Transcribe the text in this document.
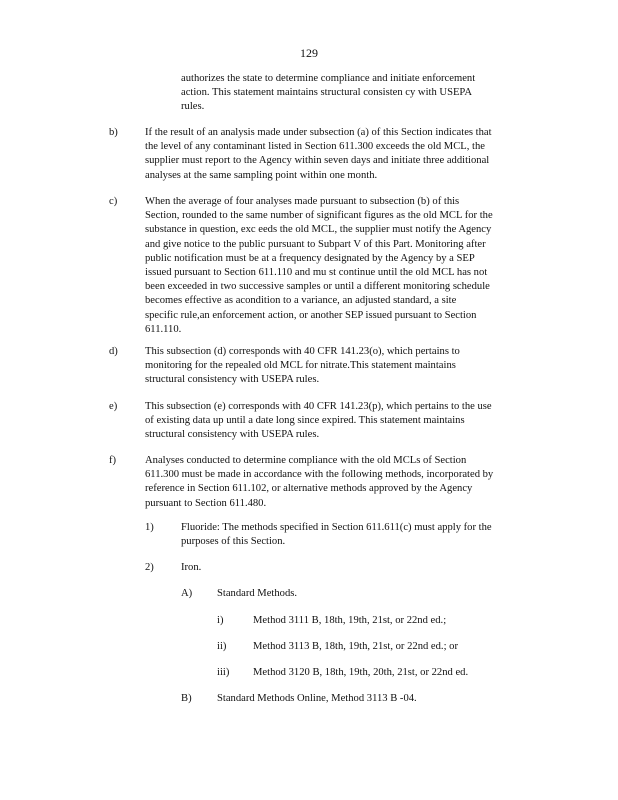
129
authorizes the state to determine compliance and initiate enforcement
action. This statement maintains structural consisten cy with USEPA
rules.
b)	If the result of an analysis made under subsection (a) of this Section indicates that
the level of any contaminant listed in Section 611.300 exceeds the old MCL, the
supplier must report to the Agency within seven days and initiate three additional
analyses at the same sampling point within one month.
c)	When the average of four analyses made pursuant to subsection (b) of this
Section, rounded to the same number of significant figures as the old MCL for the
substance in question, exc eeds the old MCL, the supplier must notify the Agency
and give notice to the public pursuant to Subpart V of this Part. Monitoring after
public notification must be at a frequency designated by the Agency by a SEP
issued pursuant to Section 611.110 and mu st continue until the old MCL has not
been exceeded in two successive samples or until a different monitoring schedule
becomes effective as acondition to a variance, an adjusted standard, a site
specific rule,an enforcement action, or another SEP issued pursuant to Section
611.110.
d)	This subsection (d) corresponds with 40 CFR 141.23(o), which pertains to
monitoring for the repealed old MCL for nitrate.This statement maintains
structural consistency with USEPA rules.
e)	This subsection (e) corresponds with 40 CFR 141.23(p), which pertains to the use
of existing data up until a date long since expired. This statement maintains
structural consistency with USEPA rules.
f)	Analyses conducted to determine compliance with the old MCLs of Section
611.300 must be made in accordance with the following methods, incorporated by
reference in Section 611.102, or alternative methods approved by the Agency
pursuant to Section 611.480.
1)	Fluoride: The methods specified in Section 611.611(c) must apply for the
purposes of this Section.
2)	Iron.
A) Standard Methods.
i)	Method 3111 B, 18th, 19th, 21st, or 22nd ed.;
ii)	Method 3113 B, 18th, 19th, 21st, or 22nd ed.; or
iii) Method 3120 B, 18th, 19th, 20th, 21st, or 22nd ed.
B) Standard Methods Online, Method 3113 B -04.
